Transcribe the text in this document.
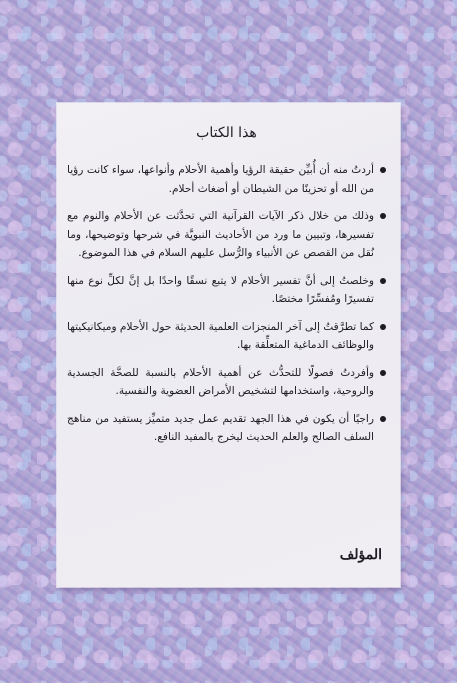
هذا الكتاب
أردتُ منه أن أُبيِّن حقيقة الرؤيا وأهمية الأحلام وأنواعها، سواء كانت رؤيا من الله أو تحزينًا من الشيطان أو أضغاث أحلام.
وذلك من خلال ذكر الآيات القرآنية التي تحدَّثت عن الأحلام والنوم مع تفسيرها، وتبيين ما ورد من الأحاديث النبويَّة في شرحها وتوضيحها، وما نُقل من القصص عن الأنبياء والرُّسل عليهم السلام في هذا الموضوع.
وخلصتُ إلى أنَّ تفسير الأحلام لا يتبع نسقًا واحدًا بل إنَّ لكلِّ نوع منها تفسيرًا ومُفسِّرًا مختصًا.
كما تطرَّقتُ إلى آخر المنجزات العلمية الحديثة حول الأحلام وميكانيكيتها والوظائف الدماغية المتعلِّقة بها.
وأفردتُ فصولًا للتحدُّث عن أهمية الأحلام بالنسبة للصحَّة الجسدية والروحية، واستخدامها لتشخيص الأمراض العضوية والنفسية.
راجيًا أن يكون في هذا الجهد تقديم عمل جديد متميِّز يستفيد من مناهج السلف الصالح والعلم الحديث ليخرج بالمفيد النافع.
المؤلف
